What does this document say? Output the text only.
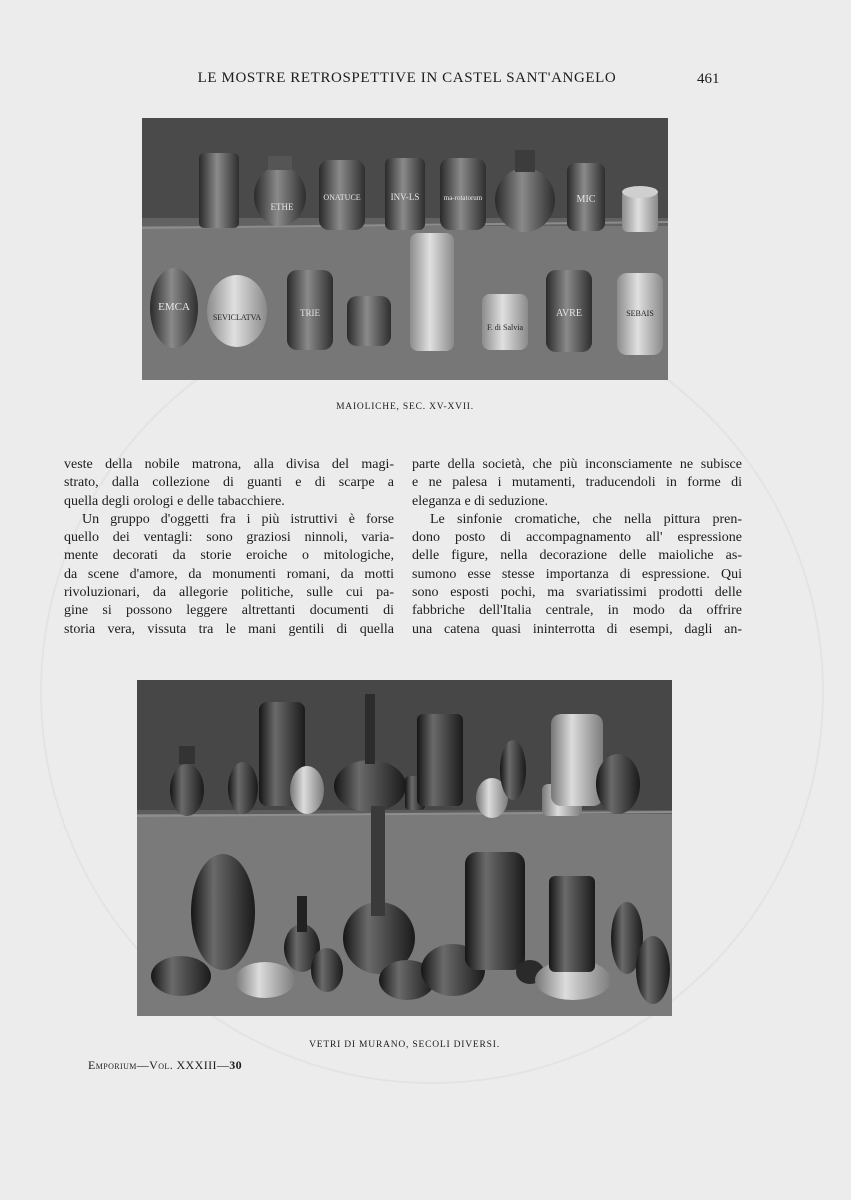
LE MOSTRE RETROSPETTIVE IN CASTEL SANT'ANGELO	461
ETHE
ONATUCE	INV-LS	ma-rotatorum	MIC
EMCA
SEVICLATVA	TRIE
F. di Salvia
AVRE	SEBAIS
MAIOLICHE, SEC. XV-XVII.

veste della nobile matrona, alla divisa del magi-
strato, dalla collezione di guanti e di scarpe a
quella degli orologi e delle tabacchiere.

Un gruppo d'oggetti fra i più istruttivi è forse
quello dei ventagli: sono graziosi ninnoli, varia-
mente decorati da storie eroiche o mitologiche,
da scene d'amore, da monumenti romani, da motti
rivoluzionari, da allegorie politiche, sulle cui pa-
gine si possono leggere altrettanti documenti di
storia vera, vissuta tra le mani gentili di quella

parte della società, che più inconsciamente ne subisce
e ne palesa i mutamenti, traducendoli in forme di
eleganza e di seduzione.

Le sinfonie cromatiche, che nella pittura pren-
dono posto di accompagnamento all' espressione
delle figure, nella decorazione delle maioliche as-
sumono esse stesse importanza di espressione. Qui
sono esposti pochi, ma svariatissimi prodotti delle
fabbriche dell'Italia centrale, in modo da offrire
una catena quasi ininterrotta di esempi, dagli an-

VETRI DI MURANO, SECOLI DIVERSI.
Emporium—Vol. XXXIII—30
